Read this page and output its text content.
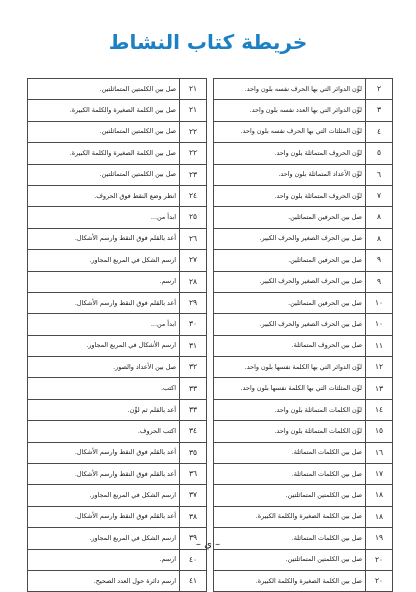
خريطة كتاب النشاط
٢	لوِّن الدوائر التي بها الحرف نفسه بلون واحد.
٣	لوِّن الدوائر التي بها العدد نفسه بلون واحد.
٤	لوِّن المثلثات التي بها الحرف نفسه بلون واحد.
٥	لوِّن الحروف المتماثلة بلون واحد.
٦	لوِّن الأعداد المتماثلة بلون واحد.
٧	لوِّن الحروف المتماثلة بلون واحد.
٨	صل بين الحرفين المتماثلين.
٨	صل بين الحرف الصغير والحرف الكبير.
٩	صل بين الحرفين المتماثلين.
٩	صل بين الحرف الصغير والحرف الكبير.
١٠	صل بين الحرفين المتماثلين.
١٠	صل بين الحرف الصغير والحرف الكبير.
١١	صل بين الحروف المتماثلة.
١٢	لوِّن الدوائر التي بها الكلمة نفسها بلون واحد.
١٣	لوِّن المثلثات التي بها الكلمة نفسها بلون واحد.
١٤	لوِّن الكلمات المتماثلة بلون واحد.
١٥	لوِّن الكلمات المتماثلة بلون واحد.
١٦	صل بين الكلمات المتماثلة.
١٧	صل بين الكلمات المتماثلة.
١٨	صل بين الكلمتين المتماثلتين.
١٨	صل بين الكلمة الصغيرة والكلمة الكبيرة.
١٩	صل بين الكلمات المتماثلة.
٢٠	صل بين الكلمتين المتماثلتين.
٢٠	صل بين الكلمة الصغيرة والكلمة الكبيرة.
٢١	صل بين الكلمتين المتماثلتين.
٢١	صل بين الكلمة الصغيرة والكلمة الكبيرة.
٢٢	صل بين الكلمتين المتماثلتين.
٢٢	صل بين الكلمة الصغيرة والكلمة الكبيرة.
٢٣	صل بين الكلمتين المتماثلتين.
٢٤	انظر وضع النقط فوق الحروف.
٢٥	ابدأ من...
٢٦	أعد بالقلم فوق النقط وارسم الأشكال.
٢٧	ارسم الشكل في المربع المجاور.
٢٨	ارسم.
٢٩	أعد بالقلم فوق النقط وارسم الأشكال.
٣٠	ابدأ من...
٣١	ارسم الأشكال في المربع المجاور.
٣٢	صل بين الأعداد والصور.
٣٣	اكتب.
٣٣	أعد بالقلم ثم لوِّن.
٣٤	اكتب الحروف.
٣٥	أعد بالقلم فوق النقط وارسم الأشكال.
٣٦	أعد بالقلم فوق النقط وارسم الأشكال.
٣٧	ارسم الشكل في المربع المجاور.
٣٨	أعد بالقلم فوق النقط وارسم الأشكال.
٣٩	ارسم الشكل في المربع المجاور.
٤٠	ارسم.
٤١	ارسم دائرة حول العدد الصحيح.
– ي –
